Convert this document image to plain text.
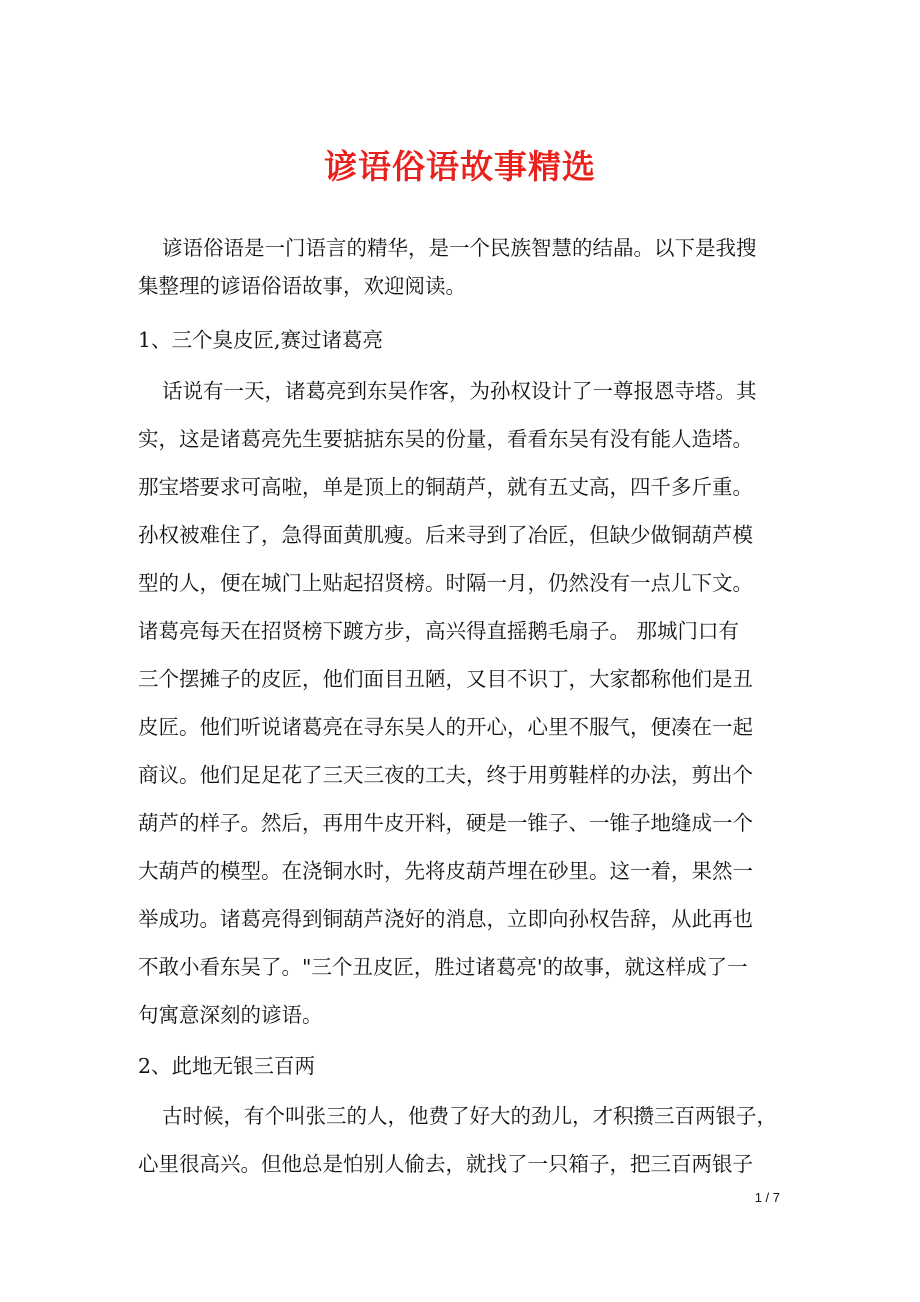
谚语俗语故事精选
谚语俗语是一门语言的精华，是一个民族智慧的结晶。以下是我搜
集整理的谚语俗语故事，欢迎阅读。
1、三个臭皮匠,赛过诸葛亮
话说有一天，诸葛亮到东吴作客，为孙权设计了一尊报恩寺塔。其
实，这是诸葛亮先生要掂掂东吴的份量，看看东吴有没有能人造塔。
那宝塔要求可高啦，单是顶上的铜葫芦，就有五丈高，四千多斤重。
孙权被难住了，急得面黄肌瘦。后来寻到了冶匠，但缺少做铜葫芦模
型的人，便在城门上贴起招贤榜。时隔一月，仍然没有一点儿下文。
诸葛亮每天在招贤榜下踱方步，高兴得直摇鹅毛扇子。 那城门口有
三个摆摊子的皮匠，他们面目丑陋，又目不识丁，大家都称他们是丑
皮匠。他们听说诸葛亮在寻东吴人的开心，心里不服气，便凑在一起
商议。他们足足花了三天三夜的工夫，终于用剪鞋样的办法，剪出个
葫芦的样子。然后，再用牛皮开料，硬是一锥子、一锥子地缝成一个
大葫芦的模型。在浇铜水时，先将皮葫芦埋在砂里。这一着，果然一
举成功。诸葛亮得到铜葫芦浇好的消息，立即向孙权告辞，从此再也
不敢小看东吴了。"三个丑皮匠，胜过诸葛亮'的故事，就这样成了一
句寓意深刻的谚语。
2、此地无银三百两
古时候，有个叫张三的人，他费了好大的劲儿，才积攒三百两银子，
心里很高兴。但他总是怕别人偷去，就找了一只箱子，把三百两银子
1 / 7
